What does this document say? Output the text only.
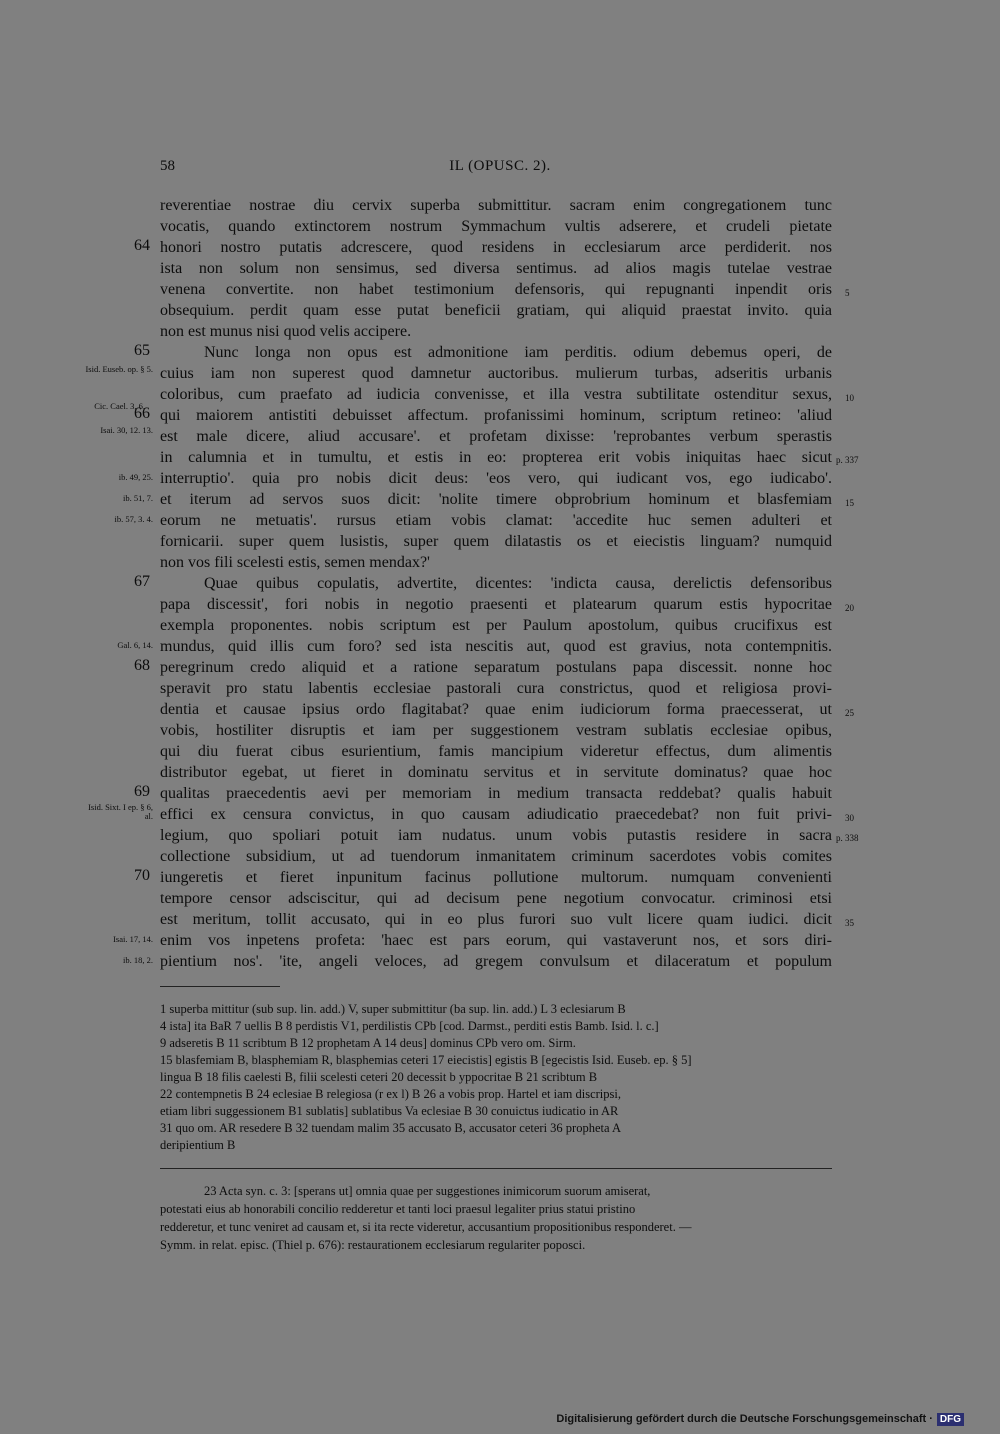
58	IL (OPUSC. 2).
reverentiae nostrae diu cervix superba submittitur. sacram enim congregationem tunc
vocatis, quando extinctorem nostrum Symmachum vultis adserere, et crudeli pietate
honori nostro putatis adcrescere, quod residens in ecclesiarum arce perdiderit. nos
ista non solum non sensimus, sed diversa sentimus. ad alios magis tutelae vestrae
venena convertite. non habet testimonium defensoris, qui repugnanti inpendit oris
obsequium. perdit quam esse putat beneficii gratiam, qui aliquid praestat invito. quia
non est munus nisi quod velis accipere.
Nunc longa non opus est admonitione iam perditis. odium debemus operi, de
cuius iam non superest quod damnetur auctoribus. mulierum turbas, adseritis urbanis
coloribus, cum praefato ad iudicia convenisse, et illa vestra subtilitate ostenditur sexus,
qui maiorem antistiti debuisset affectum. profanissimi hominum, scriptum retineo: 'aliud
est male dicere, aliud accusare'. et profetam dixisse: 'reprobantes verbum sperastis
in calumnia et in tumultu, et estis in eo: propterea erit vobis iniquitas haec sicut
interruptio'. quia pro nobis dicit deus: 'eos vero, qui iudicant vos, ego iudicabo'.
et iterum ad servos suos dicit: 'nolite timere obprobrium hominum et blasfemiam
eorum ne metuatis'. rursus etiam vobis clamat: 'accedite huc semen adulteri et
fornicarii. super quem lusistis, super quem dilatastis os et eiecistis linguam? numquid
non vos fili scelesti estis, semen mendax?'
Quae quibus copulatis, advertite, dicentes: 'indicta causa, derelictis defensoribus
papa discessit', fori nobis in negotio praesenti et platearum quarum estis hypocritae
exempla proponentes. nobis scriptum est per Paulum apostolum, quibus crucifixus est
mundus, quid illis cum foro? sed ista nescitis aut, quod est gravius, nota contempnitis.
peregrinum credo aliquid et a ratione separatum postulans papa discessit. nonne hoc
speravit pro statu labentis ecclesiae pastorali cura constrictus, quod et religiosa provi-
dentia et causae ipsius ordo flagitabat? quae enim iudiciorum forma praecesserat, ut
vobis, hostiliter disruptis et iam per suggestionem vestram sublatis ecclesiae opibus,
qui diu fuerat cibus esurientium, famis mancipium videretur effectus, dum alimentis
distributor egebat, ut fieret in dominatu servitus et in servitute dominatus? quae hoc
qualitas praecedentis aevi per memoriam in medium transacta reddebat? qualis habuit
effici ex censura convictus, in quo causam adiudicatio praecedebat? non fuit privi-
legium, quo spoliari potuit iam nudatus. unum vobis putastis residere in sacra
collectione subsidium, ut ad tuendorum inmanitatem criminum sacerdotes vobis comites
iungeretis et fieret inpunitum facinus pollutione multorum. numquam convenienti
tempore censor adsciscitur, qui ad decisum pene negotium convocatur. criminosi etsi
est meritum, tollit accusato, qui in eo plus furori suo vult licere quam iudici. dicit
enim vos inpetens profeta: 'haec est pars eorum, qui vastaverunt nos, et sors diri-
pientium nos'. 'ite, angeli veloces, ad gregem convulsum et dilaceratum et populum
64
65
66
67
68
69
70
Isid. Euseb. op. § 5.
Cic. Cael. 3, 6.
Isai. 30, 12. 13.
ib. 49, 25.
ib. 51, 7.
ib. 57, 3. 4.
Gal. 6, 14.
Isid. Sixt. I ep. § 6, al.
Isai. 17, 14.
ib. 18, 2.
5
10
15
20
25
30
35
p. 337
p. 338
1 superba mittitur (sub sup. lin. add.) V, super submittitur (ba sup. lin. add.) L 3 eclesiarum B
4 ista] ita BaR 7 uellis B 8 perdistis V1, perdilistis CPb [cod. Darmst., perditi estis Bamb. Isid. l. c.]
9 adseretis B 11 scribtum B 12 prophetam A 14 deus] dominus CPb vero om. Sirm.
15 blasfemiam B, blasphemiam R, blasphemias ceteri 17 eiecistis] egistis B [egecistis Isid. Euseb. ep. § 5]
lingua B 18 filis caelesti B, filii scelesti ceteri 20 decessit b yppocritae B 21 scribtum B
22 contempnetis B 24 eclesiae B relegiosa (r ex l) B 26 a vobis prop. Hartel et iam discripsi,
etiam libri suggessionem B1 sublatis] sublatibus Va eclesiae B 30 conuictus iudicatio in AR
31 quo om. AR resedere B 32 tuendam malim 35 accusato B, accusator ceteri 36 propheta A
deripientium B
23 Acta syn. c. 3: [sperans ut] omnia quae per suggestiones inimicorum suorum amiserat,
potestati eius ab honorabili concilio redderetur et tanti loci praesul legaliter prius statui pristino
redderetur, et tunc veniret ad causam et, si ita recte videretur, accusantium propositionibus responderet. —
Symm. in relat. episc. (Thiel p. 676): restaurationem ecclesiarum regulariter poposci.
Digitalisierung gefördert durch die Deutsche Forschungsgemeinschaft · DFG
